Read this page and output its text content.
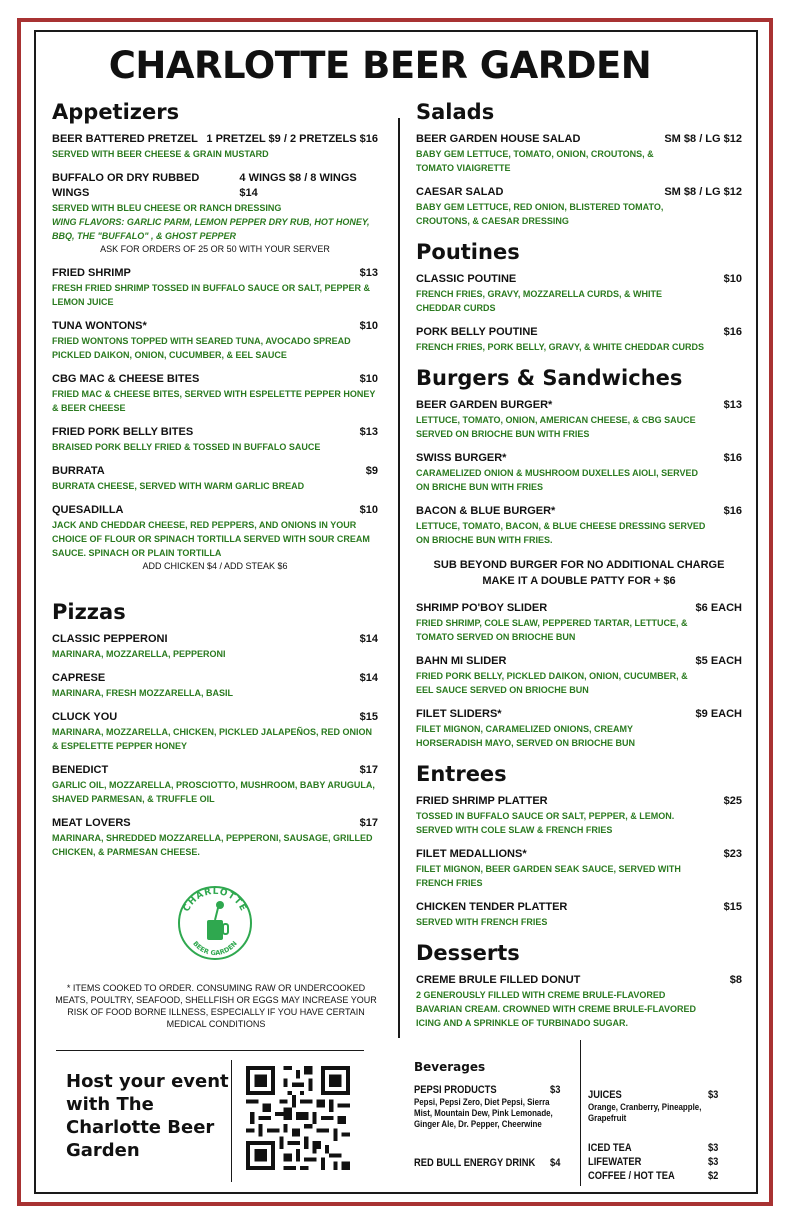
CHARLOTTE BEER GARDEN
Appetizers
BEER BATTERED PRETZEL 1 PRETZEL $9 / 2 PRETZELS $16
SERVED WITH BEER CHEESE & GRAIN MUSTARD
BUFFALO OR DRY RUBBED WINGS
4 WINGS $8 / 8 WINGS $14
SERVED WITH BLEU CHEESE OR RANCH DRESSING
WING FLAVORS: GARLIC PARM, LEMON PEPPER DRY RUB, HOT HONEY, BBQ, THE "BUFFALO" , & GHOST PEPPER
ASK FOR ORDERS OF 25 OR 50 WITH YOUR SERVER
FRIED SHRIMP	$13
FRESH FRIED SHRIMP TOSSED IN BUFFALO SAUCE OR SALT, PEPPER & LEMON JUICE
TUNA WONTONS*	$10
FRIED WONTONS TOPPED WITH SEARED TUNA, AVOCADO SPREAD PICKLED DAIKON, ONION, CUCUMBER, & EEL SAUCE
CBG MAC & CHEESE BITES	$10
FRIED MAC & CHEESE BITES, SERVED WITH ESPELETTE PEPPER HONEY & BEER CHEESE
FRIED PORK BELLY BITES	$13
BRAISED PORK BELLY FRIED & TOSSED IN BUFFALO SAUCE
BURRATA	$9
BURRATA CHEESE, SERVED WITH WARM GARLIC BREAD
QUESADILLA	$10
JACK AND CHEDDAR CHEESE, RED PEPPERS, AND ONIONS IN YOUR CHOICE OF FLOUR OR SPINACH TORTILLA SERVED WITH SOUR CREAM SAUCE. SPINACH OR PLAIN TORTILLA
ADD CHICKEN $4 / ADD STEAK $6
Pizzas
CLASSIC PEPPERONI	$14
MARINARA, MOZZARELLA, PEPPERONI
CAPRESE	$14
MARINARA, FRESH MOZZARELLA, BASIL
CLUCK YOU	$15
MARINARA, MOZZARELLA, CHICKEN, PICKLED JALAPEÑOS, RED ONION & ESPELETTE PEPPER HONEY
BENEDICT	$17
GARLIC OIL, MOZZARELLA, PROSCIOTTO, MUSHROOM, BABY ARUGULA, SHAVED PARMESAN, & TRUFFLE OIL
MEAT LOVERS	$17
MARINARA, SHREDDED MOZZARELLA, PEPPERONI, SAUSAGE, GRILLED CHICKEN, & PARMESAN CHEESE.
CHARLOTTE
BEER GARDEN
* ITEMS COOKED TO ORDER. CONSUMING RAW OR UNDERCOOKED MEATS, POULTRY, SEAFOOD, SHELLFISH OR EGGS MAY INCREASE YOUR RISK OF FOOD BORNE ILLNESS, ESPECIALLY IF YOU HAVE CERTAIN MEDICAL CONDITIONS
Host your event with The Charlotte Beer Garden
Salads
BEER GARDEN HOUSE SALAD	SM $8 / LG $12
BABY GEM LETTUCE, TOMATO, ONION, CROUTONS, & TOMATO VIAIGRETTE
CAESAR SALAD	SM $8 / LG $12
BABY GEM LETTUCE, RED ONION, BLISTERED TOMATO, CROUTONS, & CAESAR DRESSING
Poutines
CLASSIC POUTINE	$10
FRENCH FRIES, GRAVY, MOZZARELLA CURDS, & WHITE CHEDDAR CURDS
PORK BELLY POUTINE	$16
FRENCH FRIES, PORK BELLY, GRAVY, & WHITE CHEDDAR CURDS
Burgers & Sandwiches
BEER GARDEN BURGER*	$13
LETTUCE, TOMATO, ONION, AMERICAN CHEESE, & CBG SAUCE SERVED ON BRIOCHE BUN WITH FRIES
SWISS BURGER*	$16
CARAMELIZED ONION & MUSHROOM DUXELLES AIOLI, SERVED ON BRICHE BUN WITH FRIES
BACON & BLUE BURGER*	$16
LETTUCE, TOMATO, BACON, & BLUE CHEESE DRESSING SERVED ON BRIOCHE BUN WITH FRIES.
SUB BEYOND BURGER FOR NO ADDITIONAL CHARGE
MAKE IT A DOUBLE PATTY FOR + $6
SHRIMP PO'BOY SLIDER	$6 EACH
FRIED SHRIMP, COLE SLAW, PEPPERED TARTAR, LETTUCE, & TOMATO SERVED ON BRIOCHE BUN
BAHN MI SLIDER	$5 EACH
FRIED PORK BELLY, PICKLED DAIKON, ONION, CUCUMBER, & EEL SAUCE SERVED ON BRIOCHE BUN
FILET SLIDERS*	$9 EACH
FILET MIGNON, CARAMELIZED ONIONS, CREAMY HORSERADISH MAYO, SERVED ON BRIOCHE BUN
Entrees
FRIED SHRIMP PLATTER	$25
TOSSED IN BUFFALO SAUCE OR SALT, PEPPER, & LEMON. SERVED WITH COLE SLAW & FRENCH FRIES
FILET MEDALLIONS*	$23
FILET MIGNON, BEER GARDEN SEAK SAUCE, SERVED WITH FRENCH FRIES
CHICKEN TENDER PLATTER	$15
SERVED WITH FRENCH FRIES
Desserts
CREME BRULE FILLED DONUT	$8
2 GENEROUSLY FILLED WITH CREME BRULE-FLAVORED BAVARIAN CREAM. CROWNED WITH CREME BRULE-FLAVORED ICING AND A SPRINKLE OF TURBINADO SUGAR.
Beverages
PEPSI PRODUCTS	$3
Pepsi, Pepsi Zero, Diet Pepsi, Sierra Mist, Mountain Dew, Pink Lemonade, Ginger Ale, Dr. Pepper, Cheerwine
RED BULL ENERGY DRINK $4
JUICES	$3
Orange, Cranberry, Pineapple, Grapefruit
ICED TEA	$3
LIFEWATER	$3
COFFEE / HOT TEA	$2
